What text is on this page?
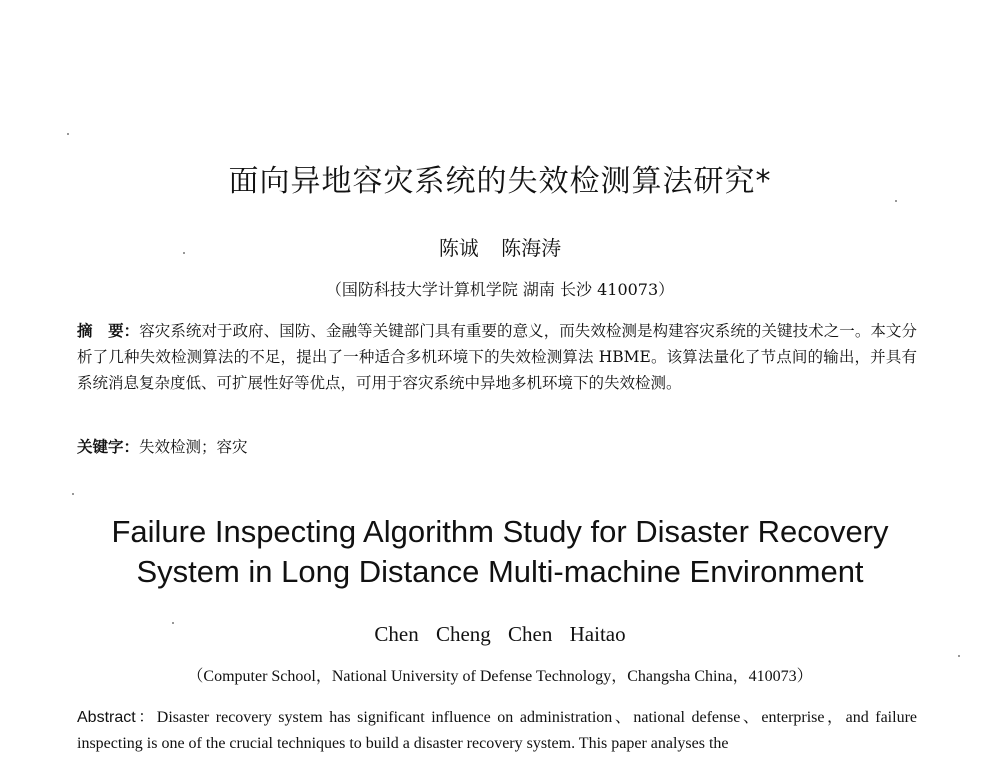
面向异地容灾系统的失效检测算法研究*
陈诚 陈海涛
（国防科技大学计算机学院 湖南 长沙 410073）

摘　要：容灾系统对于政府、国防、金融等关键部门具有重要的意义，而失效检测是构建容灾系统的关键技术之一。本文分析了几种失效检测算法的不足，提出了一种适合多机环境下的失效检测算法 HBME。该算法量化了节点间的输出，并具有系统消息复杂度低、可扩展性好等优点，可用于容灾系统中异地多机环境下的失效检测。

关键字：失效检测；容灾

Failure Inspecting Algorithm Study for Disaster Recovery
System in Long Distance Multi-machine Environment
Chen Cheng Chen Haitao
（Computer School，National University of Defense Technology，Changsha China，410073）

Abstract：Disaster recovery system has significant influence on administration、national defense、enterprise，and failure inspecting is one of the crucial techniques to build a disaster recovery system. This paper analyses the
